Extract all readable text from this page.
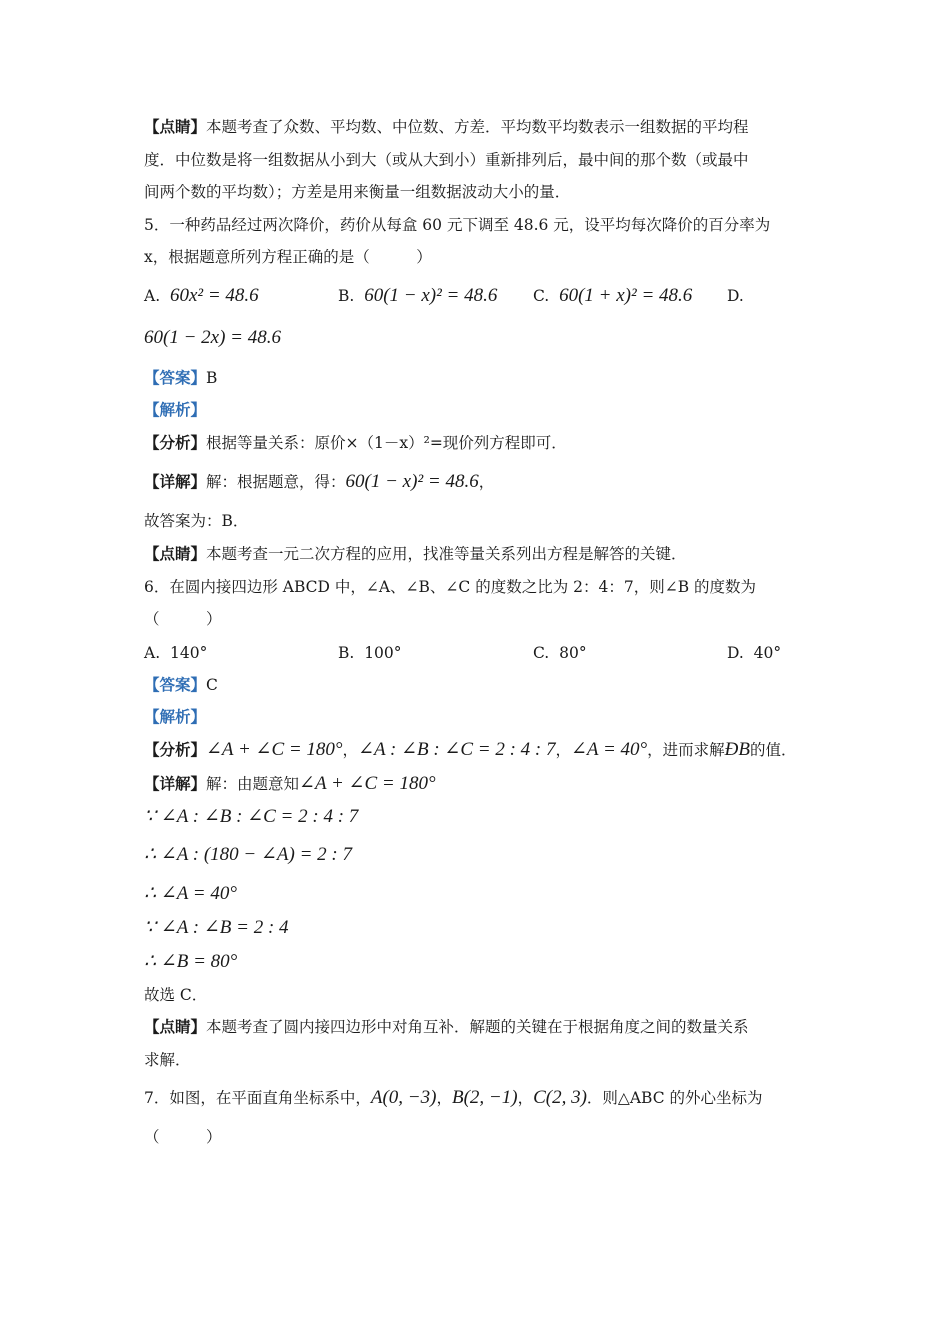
【点睛】本题考查了众数、平均数、中位数、方差．平均数平均数表示一组数据的平均程
度．中位数是将一组数据从小到大（或从大到小）重新排列后，最中间的那个数（或最中
间两个数的平均数）；方差是用来衡量一组数据波动大小的量．
5．一种药品经过两次降价，药价从每盒 60 元下调至 48.6 元，设平均每次降价的百分率为
x，根据题意所列方程正确的是（　　　）
A. 60x² = 48.6	B. 60(1 − x)² = 48.6 C. 60(1 + x)² = 48.6 D.
60(1 − 2x) = 48.6
【答案】B
【解析】
【分析】根据等量关系：原价×（1－x）²=现价列方程即可．
【详解】解：根据题意，得：60(1 − x)² = 48.6，
故答案为：B．
【点睛】本题考查一元二次方程的应用，找准等量关系列出方程是解答的关键．
6．在圆内接四边形 ABCD 中，∠A、∠B、∠C 的度数之比为 2：4：7，则∠B 的度数为
（　　　）
A. 140°	B. 100°	C. 80°	D. 40°
【答案】C
【解析】
【分析】∠A + ∠C = 180°，∠A : ∠B : ∠C = 2 : 4 : 7，∠A = 40°，进而求解ÐB的值．
【详解】解：由题意知∠A + ∠C = 180°
∵ ∠A : ∠B : ∠C = 2 : 4 : 7
∴ ∠A : (180 − ∠A) = 2 : 7
∴ ∠A = 40°
∵ ∠A : ∠B = 2 : 4
∴ ∠B = 80°
故选 C．
【点睛】本题考查了圆内接四边形中对角互补．解题的关键在于根据角度之间的数量关系
求解．
7．如图，在平面直角坐标系中，A(0, −3)，B(2, −1)，C(2, 3)．则△ABC 的外心坐标为
（　　　）
